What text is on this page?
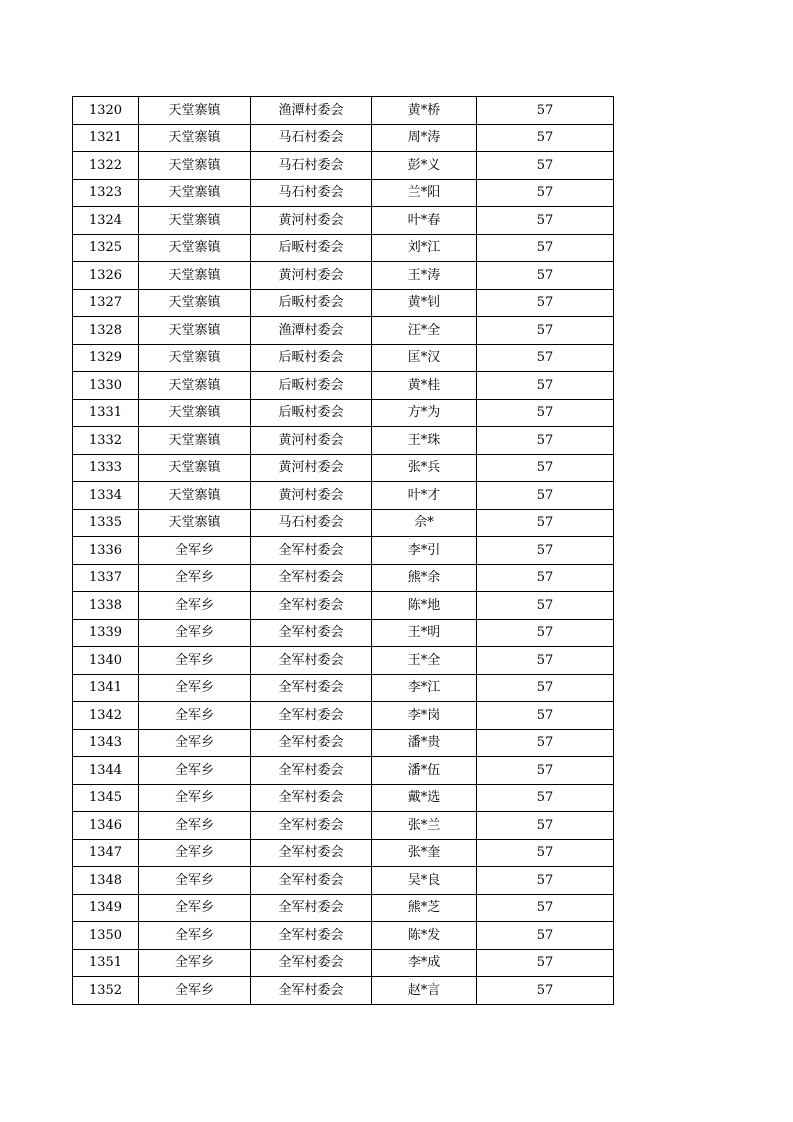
1320	天堂寨镇	渔潭村委会	黄*桥	57
1321	天堂寨镇	马石村委会	周*涛	57
1322	天堂寨镇	马石村委会	彭*义	57
1323	天堂寨镇	马石村委会	兰*阳	57
1324	天堂寨镇	黄河村委会	叶*春	57
1325	天堂寨镇	后畈村委会	刘*江	57
1326	天堂寨镇	黄河村委会	王*涛	57
1327	天堂寨镇	后畈村委会	黄*钊	57
1328	天堂寨镇	渔潭村委会	汪*全	57
1329	天堂寨镇	后畈村委会	匡*汉	57
1330	天堂寨镇	后畈村委会	黄*桂	57
1331	天堂寨镇	后畈村委会	方*为	57
1332	天堂寨镇	黄河村委会	王*珠	57
1333	天堂寨镇	黄河村委会	张*兵	57
1334	天堂寨镇	黄河村委会	叶*才	57
1335	天堂寨镇	马石村委会	佘*	57
1336	全军乡	全军村委会	李*引	57
1337	全军乡	全军村委会	熊*余	57
1338	全军乡	全军村委会	陈*地	57
1339	全军乡	全军村委会	王*明	57
1340	全军乡	全军村委会	王*全	57
1341	全军乡	全军村委会	李*江	57
1342	全军乡	全军村委会	李*岗	57
1343	全军乡	全军村委会	潘*贵	57
1344	全军乡	全军村委会	潘*伍	57
1345	全军乡	全军村委会	戴*选	57
1346	全军乡	全军村委会	张*兰	57
1347	全军乡	全军村委会	张*奎	57
1348	全军乡	全军村委会	吴*良	57
1349	全军乡	全军村委会	熊*芝	57
1350	全军乡	全军村委会	陈*发	57
1351	全军乡	全军村委会	李*成	57
1352	全军乡	全军村委会	赵*言	57
